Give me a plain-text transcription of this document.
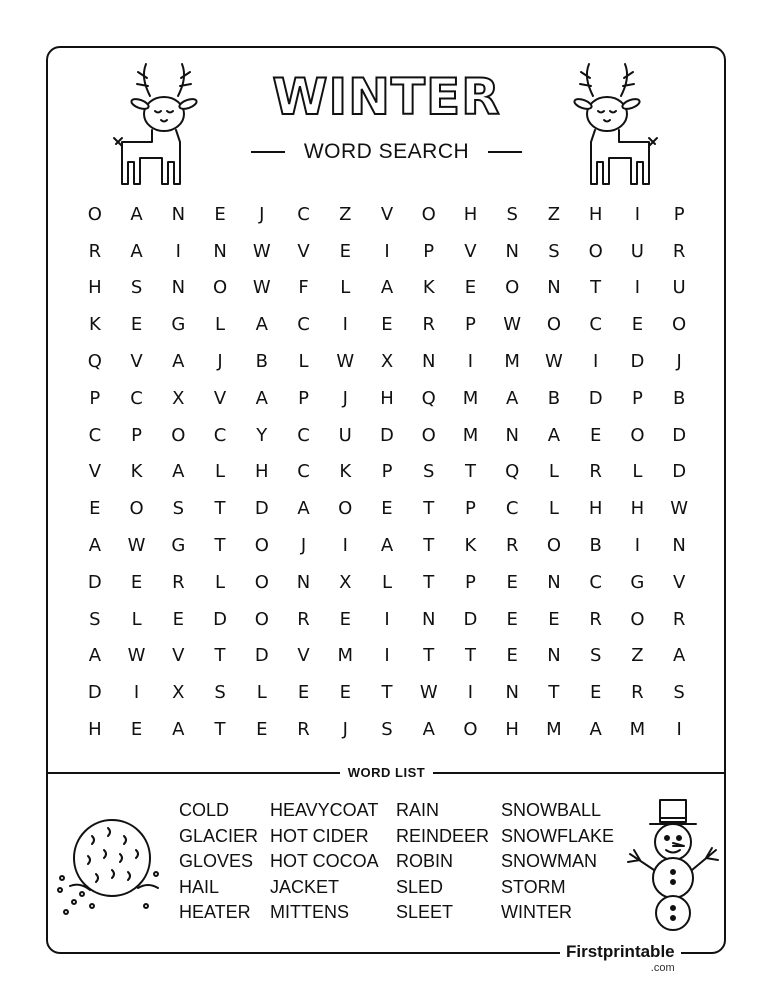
WINTER
WORD SEARCH
O	A	N	E	J	C	Z	V	O	H	S	Z	H	I	P
R	A	I	N	W	V	E	I	P	V	N	S	O	U	R
H	S	N	O	W	F	L	A	K	E	O	N	T	I	U
K	E	G	L	A	C	I	E	R	P	W	O	C	E	O
Q	V	A	J	B	L	W	X	N	I	M	W	I	D	J
P	C	X	V	A	P	J	H	Q	M	A	B	D	P	B
C	P	O	C	Y	C	U	D	O	M	N	A	E	O	D
V	K	A	L	H	C	K	P	S	T	Q	L	R	L	D
E	O	S	T	D	A	O	E	T	P	C	L	H	H	W
A	W	G	T	O	J	I	A	T	K	R	O	B	I	N
D	E	R	L	O	N	X	L	T	P	E	N	C	G	V
S	L	E	D	O	R	E	I	N	D	E	E	R	O	R
A	W	V	T	D	V	M	I	T	T	E	N	S	Z	A
D	I	X	S	L	E	E	T	W	I	N	T	E	R	S
H	E	A	T	E	R	J	S	A	O	H	M	A	M	I
WORD LIST
COLD
GLACIER
GLOVES
HAIL
HEATER
HEAVYCOAT
HOT CIDER
HOT COCOA
JACKET
MITTENS
RAIN
REINDEER
ROBIN
SLED
SLEET
SNOWBALL
SNOWFLAKE
SNOWMAN
STORM
WINTER
Firstprintable
.com
